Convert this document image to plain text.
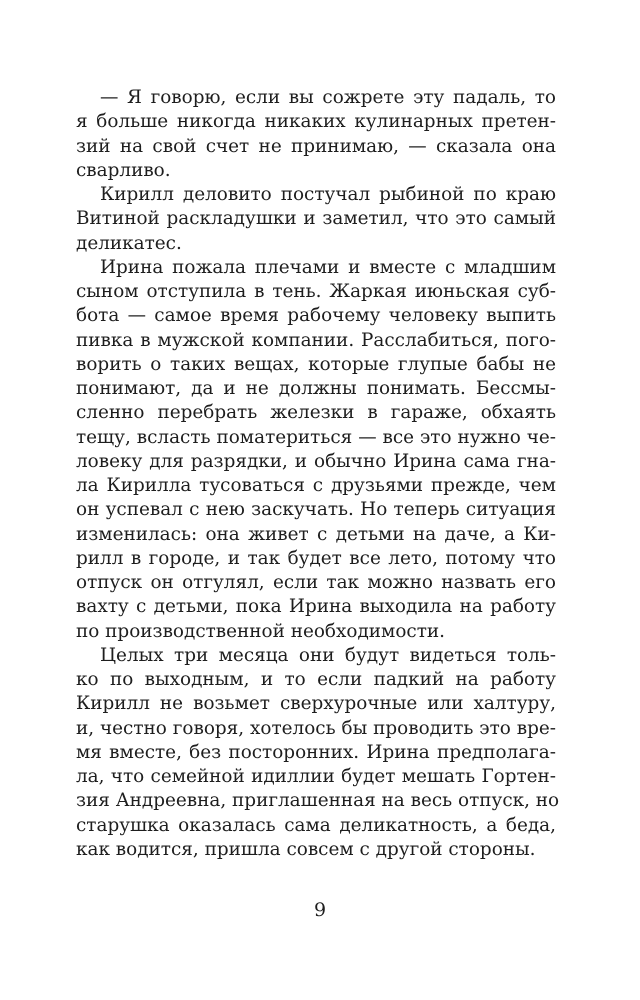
— Я говорю, если вы сожрете эту падаль, то
я больше никогда никаких кулинарных претен-
зий на свой счет не принимаю, — сказала она
сварливо.
Кирилл деловито постучал рыбиной по краю
Витиной раскладушки и заметил, что это самый
деликатес.
Ирина пожала плечами и вместе с младшим
сыном отступила в тень. Жаркая июньская суб-
бота — самое время рабочему человеку выпить
пивка в мужской компании. Расслабиться, пого-
ворить о таких вещах, которые глупые бабы не
понимают, да и не должны понимать. Бессмы-
сленно перебрать железки в гараже, обхаять
тещу, всласть поматериться — все это нужно че-
ловеку для разрядки, и обычно Ирина сама гна-
ла Кирилла тусоваться с друзьями прежде, чем
он успевал с нею заскучать. Но теперь ситуация
изменилась: она живет с детьми на даче, а Ки-
рилл в городе, и так будет все лето, потому что
отпуск он отгулял, если так можно назвать его
вахту с детьми, пока Ирина выходила на работу
по производственной необходимости.
Целых три месяца они будут видеться толь-
ко по выходным, и то если падкий на работу
Кирилл не возьмет сверхурочные или халтуру,
и, честно говоря, хотелось бы проводить это вре-
мя вместе, без посторонних. Ирина предполага-
ла, что семейной идиллии будет мешать Гортен-
зия Андреевна, приглашенная на весь отпуск, но
старушка оказалась сама деликатность, а беда,
как водится, пришла совсем с другой стороны.
9
